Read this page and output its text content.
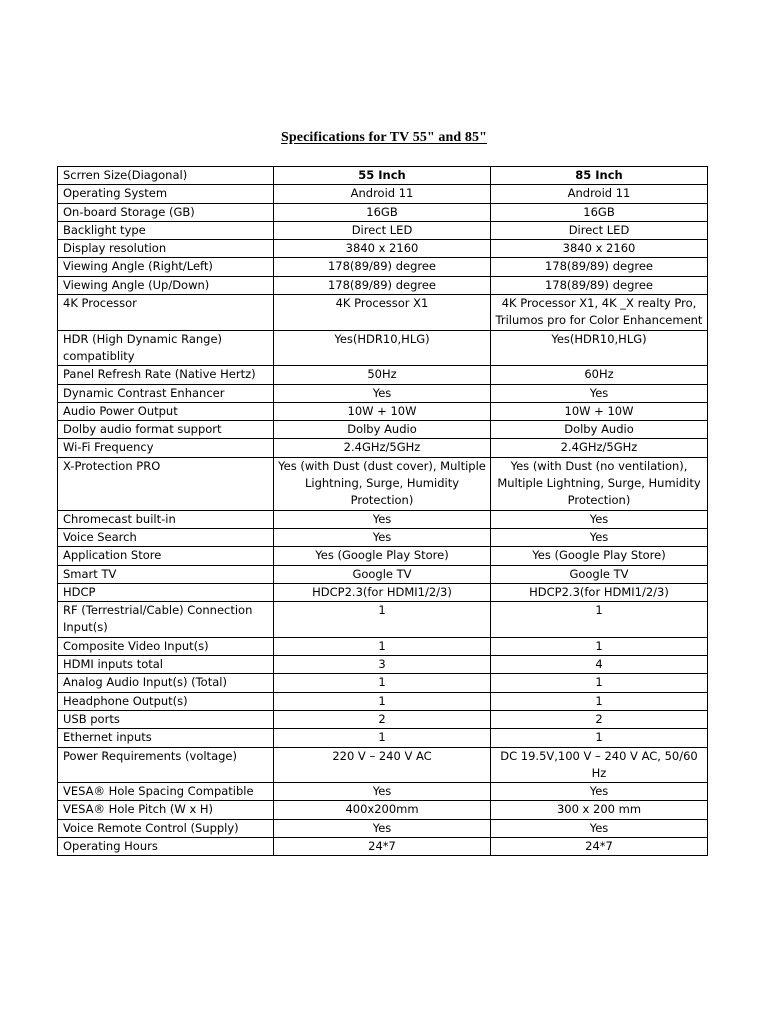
Specifications for TV 55" and 85"
Scrren Size(Diagonal)	55 Inch	85 Inch
Operating System	Android 11	Android 11
On-board Storage (GB)	16GB	16GB
Backlight type	Direct LED	Direct LED
Display resolution	3840 x 2160	3840 x 2160
Viewing Angle (Right/Left)	178(89/89) degree	178(89/89) degree
Viewing Angle (Up/Down)	178(89/89) degree	178(89/89) degree
4K Processor	4K Processor X1	4K Processor X1, 4K _X realty Pro, Trilumos pro for Color Enhancement
HDR (High Dynamic Range) compatiblity	Yes(HDR10,HLG)	Yes(HDR10,HLG)
Panel Refresh Rate (Native Hertz)	50Hz	60Hz
Dynamic Contrast Enhancer	Yes	Yes
Audio Power Output	10W + 10W	10W + 10W
Dolby audio format support	Dolby Audio	Dolby Audio
Wi-Fi Frequency	2.4GHz/5GHz	2.4GHz/5GHz
X-Protection PRO	Yes (with Dust (dust cover), Multiple Lightning, Surge, Humidity Protection)	Yes (with Dust (no ventilation), Multiple Lightning, Surge, Humidity Protection)
Chromecast built-in	Yes	Yes
Voice Search	Yes	Yes
Application Store	Yes (Google Play Store)	Yes (Google Play Store)
Smart TV	Google TV	Google TV
HDCP	HDCP2.3(for HDMI1/2/3)	HDCP2.3(for HDMI1/2/3)
RF (Terrestrial/Cable) Connection Input(s)	1	1
Composite Video Input(s)	1	1
HDMI inputs total	3	4
Analog Audio Input(s) (Total)	1	1
Headphone Output(s)	1	1
USB ports	2	2
Ethernet inputs	1	1
Power Requirements (voltage)	220 V – 240 V AC	DC 19.5V,100 V – 240 V AC, 50/60 Hz
VESA® Hole Spacing Compatible	Yes	Yes
VESA® Hole Pitch (W x H)	400x200mm	300 x 200 mm
Voice Remote Control (Supply)	Yes	Yes
Operating Hours	24*7	24*7
